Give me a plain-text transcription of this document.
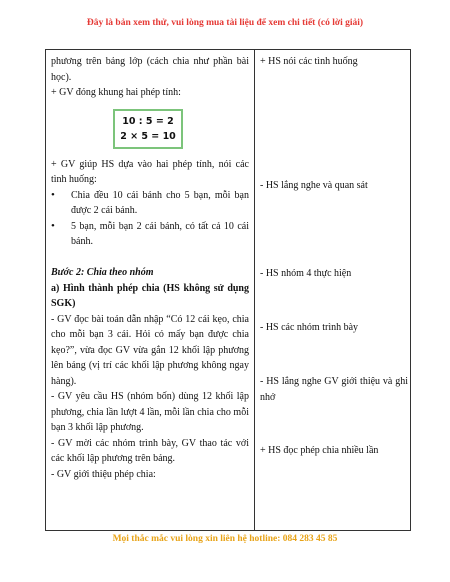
Đây là bản xem thử, vui lòng mua tài liệu để xem chi tiết (có lời giải)

phương trên bảng lớp (cách chia như phần bài học).

+ GV đóng khung hai phép tính:

10 : 5 = 2
2 × 5 = 10

+ GV giúp HS dựa vào hai phép tính, nói các tình huống:

•	Chia đều 10 cái bánh cho 5 bạn, mỗi bạn được 2 cái bánh.
•	5 bạn, mỗi bạn 2 cái bánh, có tất cả 10 cái bánh.

Bước 2: Chia theo nhóm

a) Hình thành phép chia (HS không sử dụng SGK)

- GV đọc bài toán dẫn nhập “Có 12 cái kẹo, chia cho mỗi bạn 3 cái. Hỏi có mấy bạn được chia kẹo?”, vừa đọc GV vừa gắn 12 khối lập phương lên bảng (vị trí các khối lập phương không ngay hàng).

- GV yêu cầu HS (nhóm bốn) dùng 12 khối lập phương, chia lần lượt 4 lần, mỗi lần chia cho mỗi bạn 3 khối lập phương.

- GV mời các nhóm trình bày, GV thao tác với các khối lập phương trên bảng.

- GV giới thiệu phép chia:

+ HS nói các tình huống
- HS lắng nghe và quan sát
- HS nhóm 4 thực hiện
- HS các nhóm trình bày
- HS lắng nghe GV giới thiệu và ghi nhớ
+ HS đọc phép chia nhiều lần
Mọi thắc mắc vui lòng xin liên hệ hotline: 084 283 45 85
